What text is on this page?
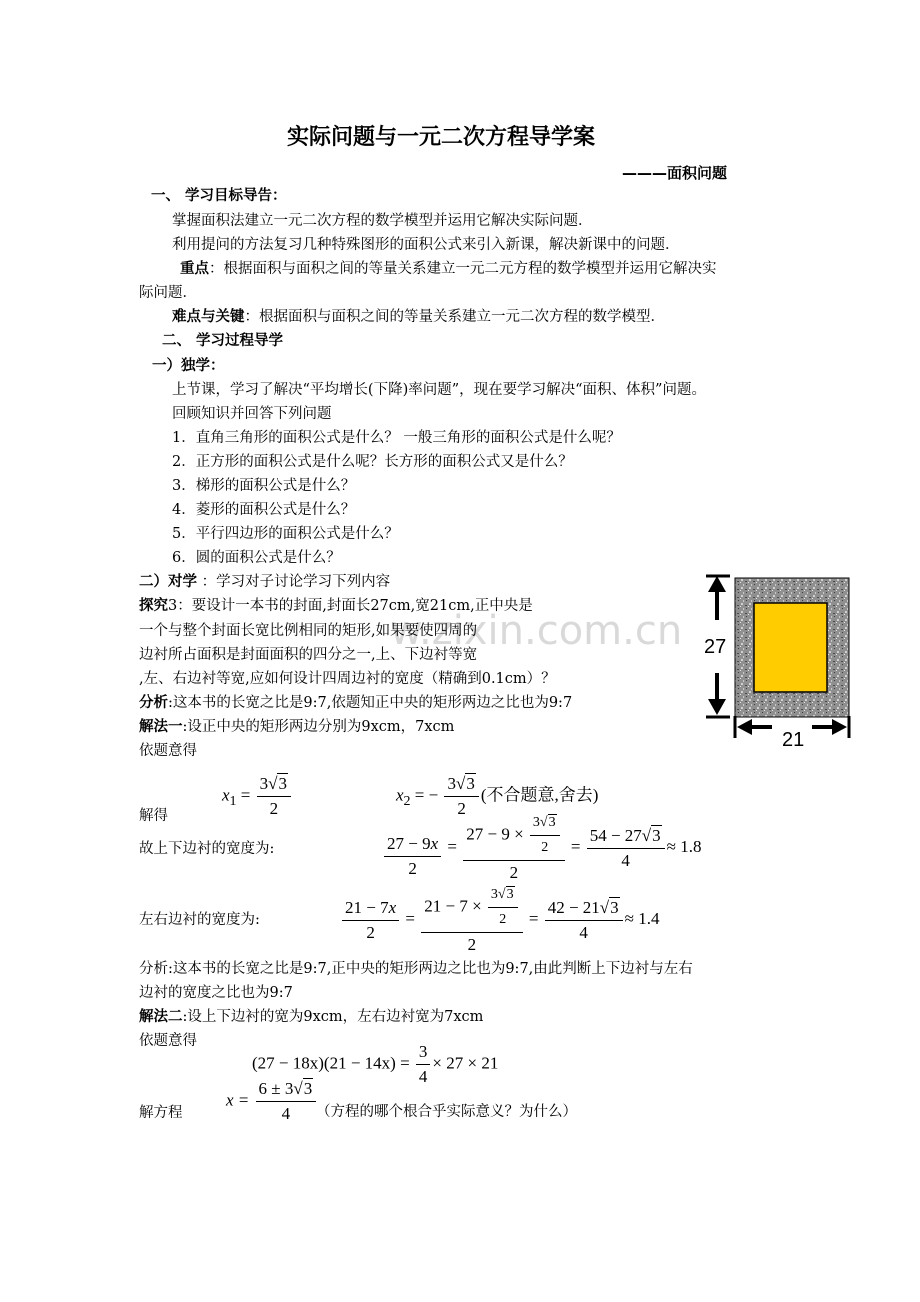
w.zixin.com.cn
实际问题与一元二次方程导学案
———面积问题
一、 学习目标导告：
掌握面积法建立一元二次方程的数学模型并运用它解决实际问题．
利用提问的方法复习几种特殊图形的面积公式来引入新课，解决新课中的问题．
重点：根据面积与面积之间的等量关系建立一元二元方程的数学模型并运用它解决实
际问题．
难点与关键：根据面积与面积之间的等量关系建立一元二次方程的数学模型．
二、 学习过程导学
一）独学：
上节课，学习了解决“平均增长(下降)率问题”，现在要学习解决“面积、体积”问题。
回顾知识并回答下列问题
1．直角三角形的面积公式是什么？ 一般三角形的面积公式是什么呢？
2．正方形的面积公式是什么呢？长方形的面积公式又是什么？
3．梯形的面积公式是什么？
4．菱形的面积公式是什么？
5．平行四边形的面积公式是什么？
6．圆的面积公式是什么？
二）对学 ：学习对子讨论学习下列内容
探究3：要设计一本书的封面,封面长27cm,宽21cm,正中央是
一个与整个封面长宽比例相同的矩形,如果要使四周的
边衬所占面积是封面面积的四分之一,上、下边衬等宽
,左、右边衬等宽,应如何设计四周边衬的宽度（精确到0.1cm）？
分析:这本书的长宽之比是9:7,依题知正中央的矩形两边之比也为9:7
解法一:设正中央的矩形两边分别为9xcm，7xcm
依题意得
解得
$x_1 = \frac{3√3}{2}$	$x_2$ = − $\frac{3√3}{2}$ (不合题意,舍去)
故上下边衬的宽度为:	$\frac{27 - 9x}{2} = \frac{27 - 9 \times \frac{3√3}{2}}{2} = \frac{54 - 27√3}{4} \approx 1.8$
左右边衬的宽度为:	$\frac{21 - 7x}{2} = \frac{21 - 7 \times \frac{3√3}{2}}{2} = \frac{42 - 21√3}{4} \approx 1.4$
分析:这本书的长宽之比是9:7,正中央的矩形两边之比也为9:7,由此判断上下边衬与左右
边衬的宽度之比也为9:7
解法二:设上下边衬的宽为9xcm，左右边衬宽为7xcm
依题意得
$(27 - 18x)(21 - 14x) = \frac{3}{4} \times 27 \times 21$
解方程
$x = \frac{6 \pm 3√3}{4}$ （方程的哪个根合乎实际意义？为什么）
27
21
